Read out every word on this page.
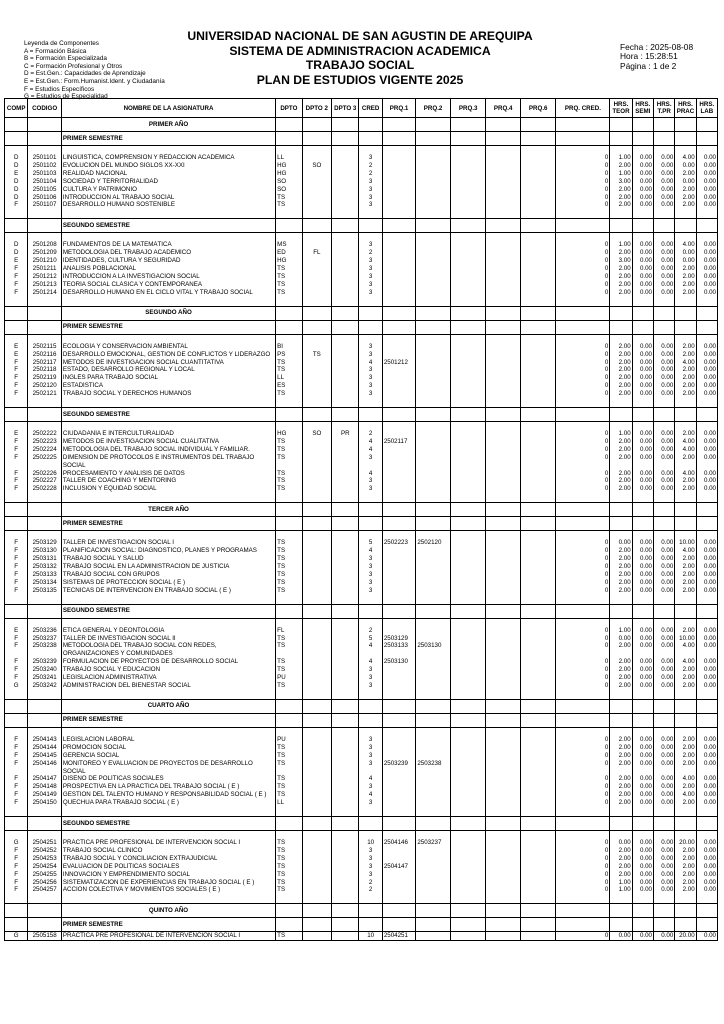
Leyenda de Componentes
A = Formación Básica
B = Formación Especializada
C = Formación Profesional y Otros
D = Est.Gen.: Capacidades de Aprendizaje
E = Est.Gen.: Form.Humanist.Ident. y Ciudadanía
F = Estudios Específicos
G = Estudios de Especialidad
UNIVERSIDAD NACIONAL DE SAN AGUSTIN DE AREQUIPA
SISTEMA DE ADMINISTRACION ACADEMICA
TRABAJO SOCIAL
PLAN DE ESTUDIOS VIGENTE 2025
Fecha : 2025-08-08
Hora : 15:28:51
Página : 1 de 2
COMP	CODIGO	NOMBRE DE LA ASIGNATURA	DPTO	DPTO 2	DPTO 3	CRED	PRQ.1	PRQ.2	PRQ.3	PRQ.4	PRQ.6	PRQ. CRED.	HRS. TEOR	HRS. SEMI	HRS. T.PR	HRS. PRAC	HRS. LAB
		PRIMER AÑO															
		PRIMER SEMESTRE															

D	2501101	LINGÜÍSTICA, COMPRENSIÓN Y REDACCIÓN ACADÉMICA	LL			3						0	1.00	0.00	0.00	4.00	0.00
D	2501102	EVOLUCIÓN DEL MUNDO SIGLOS XX-XXI	HG	SO		2						0	2.00	0.00	0.00	0.00	0.00
E	2501103	REALIDAD NACIONAL	HG			2						0	1.00	0.00	0.00	2.00	0.00
D	2501104	SOCIEDAD Y TERRITORIALIDAD	SO			3						0	3.00	0.00	0.00	0.00	0.00
D	2501105	CULTURA Y PATRIMONIO	SO			3						0	2.00	0.00	0.00	2.00	0.00
D	2501106	INTRODUCCIÓN AL TRABAJO SOCIAL	TS			3						0	2.00	0.00	0.00	2.00	0.00
F	2501107	DESARROLLO HUMANO SOSTENIBLE	TS			3						0	2.00	0.00	0.00	2.00	0.00

		SEGUNDO SEMESTRE															

D	2501208	FUNDAMENTOS DE LA MATEMÁTICA	MS			3						0	1.00	0.00	0.00	4.00	0.00
D	2501209	METODOLOGÍA DEL TRABAJO ACADÉMICO	ED	FL		2						0	2.00	0.00	0.00	0.00	0.00
E	2501210	IDENTIDADES, CULTURA Y SEGURIDAD	HG			3						0	3.00	0.00	0.00	0.00	0.00
F	2501211	ANÁLISIS POBLACIONAL	TS			3						0	2.00	0.00	0.00	2.00	0.00
F	2501212	INTRODUCCIÓN A LA INVESTIGACIÓN SOCIAL	TS			3						0	2.00	0.00	0.00	2.00	0.00
F	2501213	TEORÍA SOCIAL CLÁSICA Y CONTEMPORÁNEA	TS			3						0	2.00	0.00	0.00	2.00	0.00
F	2501214	DESARROLLO HUMANO EN EL CICLO VITAL Y TRABAJO SOCIAL	TS			3						0	2.00	0.00	0.00	2.00	0.00

		SEGUNDO AÑO															
		PRIMER SEMESTRE															

E	2502115	ECOLOGÍA Y CONSERVACIÓN AMBIENTAL	BI			3						0	2.00	0.00	0.00	2.00	0.00
E	2502116	DESARROLLO EMOCIONAL, GESTIÓN DE CONFLICTOS Y LIDERAZGO	PS	TS		3						0	2.00	0.00	0.00	2.00	0.00
F	2502117	MÉTODOS DE INVESTIGACIÓN SOCIAL CUANTITATIVA	TS			4	2501212					0	2.00	0.00	0.00	4.00	0.00
F	2502118	ESTADO, DESARROLLO REGIONAL Y LOCAL	TS			3						0	2.00	0.00	0.00	2.00	0.00
F	2502119	INGLÉS PARA TRABAJO SOCIAL	LL			3						0	2.00	0.00	0.00	2.00	0.00
F	2502120	ESTADÍSTICA	ES			3						0	2.00	0.00	0.00	2.00	0.00
F	2502121	TRABAJO SOCIAL Y DERECHOS HUMANOS	TS			3						0	2.00	0.00	0.00	2.00	0.00

		SEGUNDO SEMESTRE															

E	2502222	CIUDADANÍA E INTERCULTURALIDAD	HG	SO	PR	2						0	1.00	0.00	0.00	2.00	0.00
F	2502223	MÉTODOS DE INVESTIGACIÓN SOCIAL CUALITATIVA	TS			4	2502117					0	2.00	0.00	0.00	4.00	0.00
F	2502224	METODOLOGÍA DEL TRABAJO SOCIAL INDIVIDUAL Y FAMILIAR.	TS			4						0	2.00	0.00	0.00	4.00	0.00
F	2502225	DIMENSIÓN DE PROTOCOLOS E INSTRUMENTOS DEL TRABAJO SOCIAL	TS			3						0	2.00	0.00	0.00	2.00	0.00
F	2502226	PROCESAMIENTO Y ANÁLISIS DE DATOS	TS			4						0	2.00	0.00	0.00	4.00	0.00
F	2502227	TALLER DE COACHING Y MENTORING	TS			3						0	2.00	0.00	0.00	2.00	0.00
F	2502228	INCLUSIÓN Y EQUIDAD SOCIAL	TS			3						0	2.00	0.00	0.00	2.00	0.00

		TERCER AÑO															
		PRIMER SEMESTRE															

F	2503129	TALLER DE INVESTIGACIÓN SOCIAL I	TS			5	2502223	2502120				0	0.00	0.00	0.00	10.00	0.00
F	2503130	PLANIFICACIÓN SOCIAL: DIAGNÓSTICO, PLANES Y PROGRAMAS	TS			4						0	2.00	0.00	0.00	4.00	0.00
F	2503131	TRABAJO SOCIAL Y SALUD	TS			3						0	2.00	0.00	0.00	2.00	0.00
F	2503132	TRABAJO SOCIAL EN LA ADMINISTRACIÓN DE JUSTICIA	TS			3						0	2.00	0.00	0.00	2.00	0.00
F	2503133	TRABAJO SOCIAL CON GRUPOS	TS			3						0	2.00	0.00	0.00	2.00	0.00
F	2503134	SISTEMAS DE PROTECCIÓN SOCIAL ( E )	TS			3						0	2.00	0.00	0.00	2.00	0.00
F	2503135	TÉCNICAS DE INTERVENCIÓN EN TRABAJO SOCIAL ( E )	TS			3						0	2.00	0.00	0.00	2.00	0.00

		SEGUNDO SEMESTRE															

E	2503236	ÉTICA GENERAL Y DEONTOLOGÍA	FL			2						0	1.00	0.00	0.00	2.00	0.00
F	2503237	TALLER DE INVESTIGACIÓN SOCIAL II	TS			5	2503129					0	0.00	0.00	0.00	10.00	0.00
F	2503238	METODOLOGÍA DEL TRABAJO SOCIAL CON REDES, ORGANIZACIONES Y COMUNIDADES	TS			4	2503133	2503130				0	2.00	0.00	0.00	4.00	0.00
F	2503239	FORMULACIÓN DE PROYECTOS DE DESARROLLO SOCIAL	TS			4	2503130					0	2.00	0.00	0.00	4.00	0.00
F	2503240	TRABAJO SOCIAL Y EDUCACIÓN	TS			3						0	2.00	0.00	0.00	2.00	0.00
F	2503241	LEGISLACIÓN ADMINISTRATIVA	PU			3						0	2.00	0.00	0.00	2.00	0.00
G	2503242	ADMINISTRACIÓN DEL BIENESTAR SOCIAL	TS			3						0	2.00	0.00	0.00	2.00	0.00

		CUARTO AÑO															
		PRIMER SEMESTRE															

F	2504143	LEGISLACIÓN LABORAL	PU			3						0	2.00	0.00	0.00	2.00	0.00
F	2504144	PROMOCIÓN SOCIAL	TS			3						0	2.00	0.00	0.00	2.00	0.00
F	2504145	GERENCIA SOCIAL	TS			3						0	2.00	0.00	0.00	2.00	0.00
F	2504146	MONITOREO Y EVALUACIÓN DE PROYECTOS DE DESARROLLO SOCIAL	TS			3	2503239	2503238				0	2.00	0.00	0.00	2.00	0.00
F	2504147	DISEÑO DE POLÍTICAS SOCIALES	TS			4						0	2.00	0.00	0.00	4.00	0.00
F	2504148	PROSPECTIVA EN LA PRÁCTICA DEL TRABAJO SOCIAL ( E )	TS			3						0	2.00	0.00	0.00	2.00	0.00
F	2504149	GESTIÓN DEL TALENTO HUMANO Y RESPONSABILIDAD SOCIAL ( E )	TS			4						0	2.00	0.00	0.00	4.00	0.00
F	2504150	QUECHUA PARA TRABAJO SOCIAL ( E )	LL			3						0	2.00	0.00	0.00	2.00	0.00

		SEGUNDO SEMESTRE															

G	2504251	PRÁCTICA PRE PROFESIONAL DE INTERVENCIÓN SOCIAL I	TS			10	2504146	2503237				0	0.00	0.00	0.00	20.00	0.00
F	2504252	TRABAJO SOCIAL CLÍNICO	TS			3						0	2.00	0.00	0.00	2.00	0.00
F	2504253	TRABAJO SOCIAL Y CONCILIACIÓN EXTRAJUDICIAL	TS			3						0	2.00	0.00	0.00	2.00	0.00
F	2504254	EVALUACIÓN DE POLÍTICAS SOCIALES	TS			3	2504147					0	2.00	0.00	0.00	2.00	0.00
F	2504255	INNOVACIÓN Y EMPRENDIMIENTO SOCIAL	TS			3						0	2.00	0.00	0.00	2.00	0.00
F	2504256	SISTEMATIZACIÓN DE EXPERIENCIAS EN TRABAJO SOCIAL ( E )	TS			2						0	1.00	0.00	0.00	2.00	0.00
F	2504257	ACCIÓN COLECTIVA Y MOVIMIENTOS SOCIALES ( E )	TS			2						0	1.00	0.00	0.00	2.00	0.00

		QUINTO AÑO															
		PRIMER SEMESTRE															
G	2505158	PRÁCTICA PRE PROFESIONAL DE INTERVENCIÓN SOCIAL I	TS			10	2504251					0	0.00	0.00	0.00	20.00	0.00
